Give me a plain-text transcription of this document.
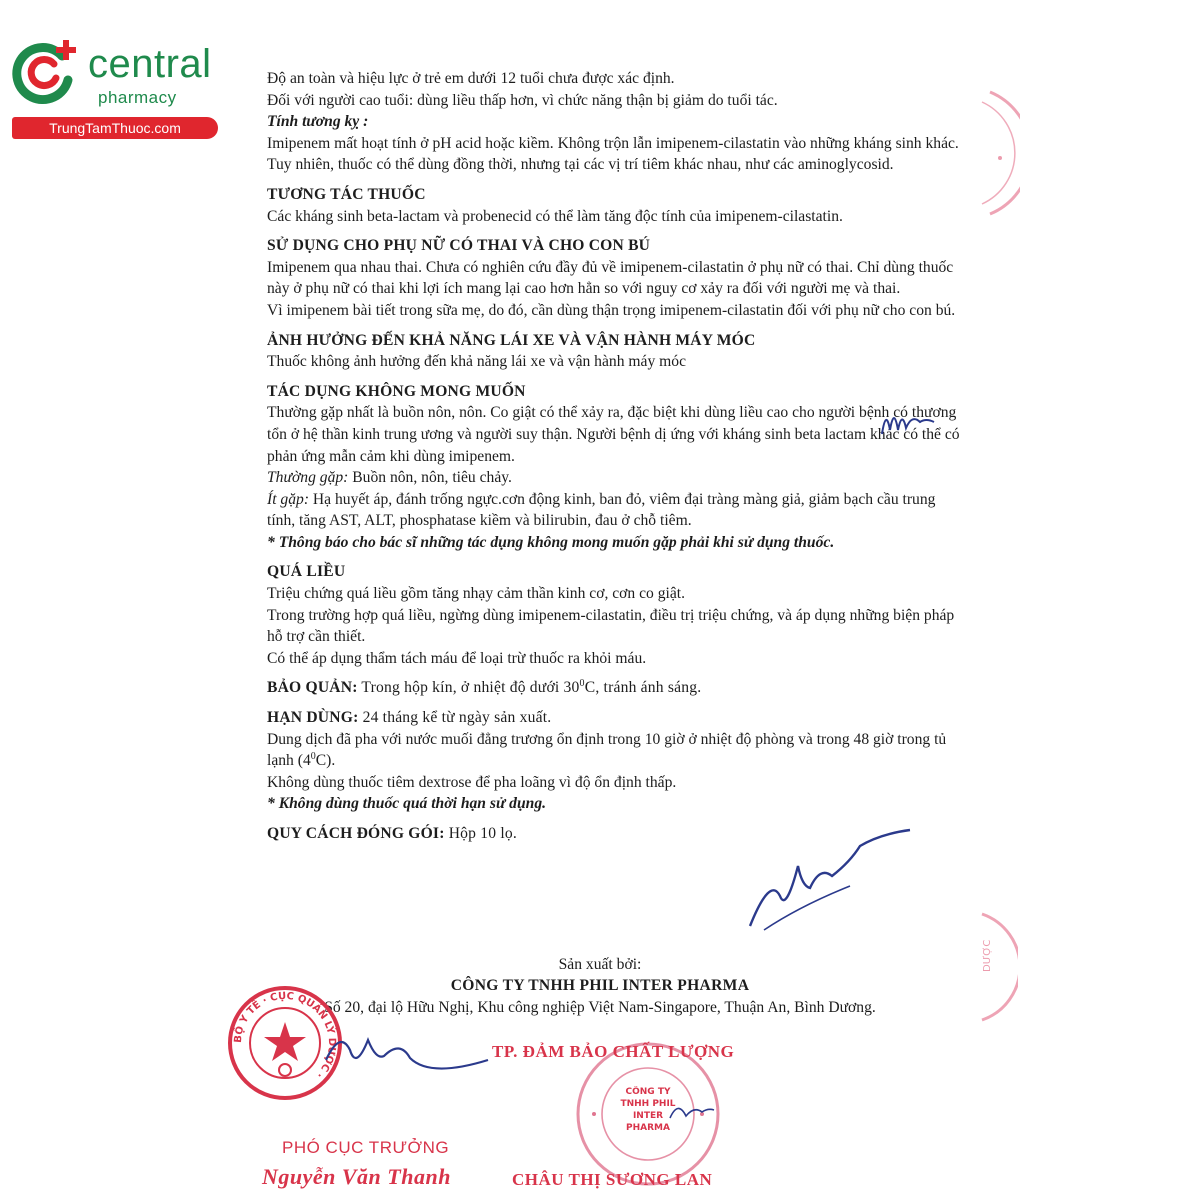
central
pharmacy
TrungTamThuoc.com

Độ an toàn và hiệu lực ở trẻ em dưới 12 tuổi chưa được xác định.

Đối với người cao tuổi: dùng liều thấp hơn, vì chức năng thận bị giảm do tuổi tác.

Tính tương kỵ :

Imipenem mất hoạt tính ở pH acid hoặc kiềm. Không trộn lẫn imipenem-cilastatin vào những kháng sinh khác. Tuy nhiên, thuốc có thể dùng đồng thời, nhưng tại các vị trí tiêm khác nhau, như các aminoglycosid.

TƯƠNG TÁC THUỐC

Các kháng sinh beta-lactam và probenecid có thể làm tăng độc tính của imipenem-cilastatin.

SỬ DỤNG CHO PHỤ NỮ CÓ THAI VÀ CHO CON BÚ

Imipenem qua nhau thai. Chưa có nghiên cứu đầy đủ về imipenem-cilastatin ở phụ nữ có thai. Chỉ dùng thuốc này ở phụ nữ có thai khi lợi ích mang lại cao hơn hẳn so với nguy cơ xảy ra đối với người mẹ và thai.

Vì imipenem bài tiết trong sữa mẹ, do đó, cần dùng thận trọng imipenem-cilastatin đối với phụ nữ cho con bú.

ẢNH HƯỞNG ĐẾN KHẢ NĂNG LÁI XE VÀ VẬN HÀNH MÁY MÓC

Thuốc không ảnh hưởng đến khả năng lái xe và vận hành máy móc

TÁC DỤNG KHÔNG MONG MUỐN

Thường gặp nhất là buồn nôn, nôn. Co giật có thể xảy ra, đặc biệt khi dùng liều cao cho người bệnh có thương tổn ở hệ thần kinh trung ương và người suy thận. Người bệnh dị ứng với kháng sinh beta lactam khác có thể có phản ứng mẫn cảm khi dùng imipenem.

Thường gặp: Buồn nôn, nôn, tiêu chảy.

Ít gặp: Hạ huyết áp, đánh trống ngực.cơn động kinh, ban đỏ, viêm đại tràng màng giả, giảm bạch cầu trung tính, tăng AST, ALT, phosphatase kiềm và bilirubin, đau ở chỗ tiêm.

* Thông báo cho bác sĩ những tác dụng không mong muốn gặp phải khi sử dụng thuốc.

QUÁ LIỀU

Triệu chứng quá liều gồm tăng nhạy cảm thần kinh cơ, cơn co giật.

Trong trường hợp quá liều, ngừng dùng imipenem-cilastatin, điều trị triệu chứng, và áp dụng những biện pháp hỗ trợ cần thiết.

Có thể áp dụng thẩm tách máu để loại trừ thuốc ra khỏi máu.

BẢO QUẢN: Trong hộp kín, ở nhiệt độ dưới $30^0C$, tránh ánh sáng.

HẠN DÙNG: 24 tháng kể từ ngày sản xuất.

Dung dịch đã pha với nước muối đẳng trương ổn định trong 10 giờ ở nhiệt độ phòng và trong 48 giờ trong tủ lạnh $(4^0C)$.

Không dùng thuốc tiêm dextrose để pha loãng vì độ ổn định thấp.

* Không dùng thuốc quá thời hạn sử dụng.

QUY CÁCH ĐÓNG GÓI: Hộp 10 lọ.

Sản xuất bởi:
CÔNG TY TNHH PHIL INTER PHARMA
Số 20, đại lộ Hữu Nghị, Khu công nghiệp Việt Nam-Singapore, Thuận An, Bình Dương.
DƯỢC
BỘ Y TẾ · CỤC QUẢN LÝ DƯỢC ·
CÔNG TY TNHH PHIL INTER PHARMA
TP. ĐẢM BẢO CHẤT LƯỢNG
PHÓ CỤC TRƯỞNG
Nguyễn Văn Thanh	CHÂU THỊ SƯƠNG LAN
